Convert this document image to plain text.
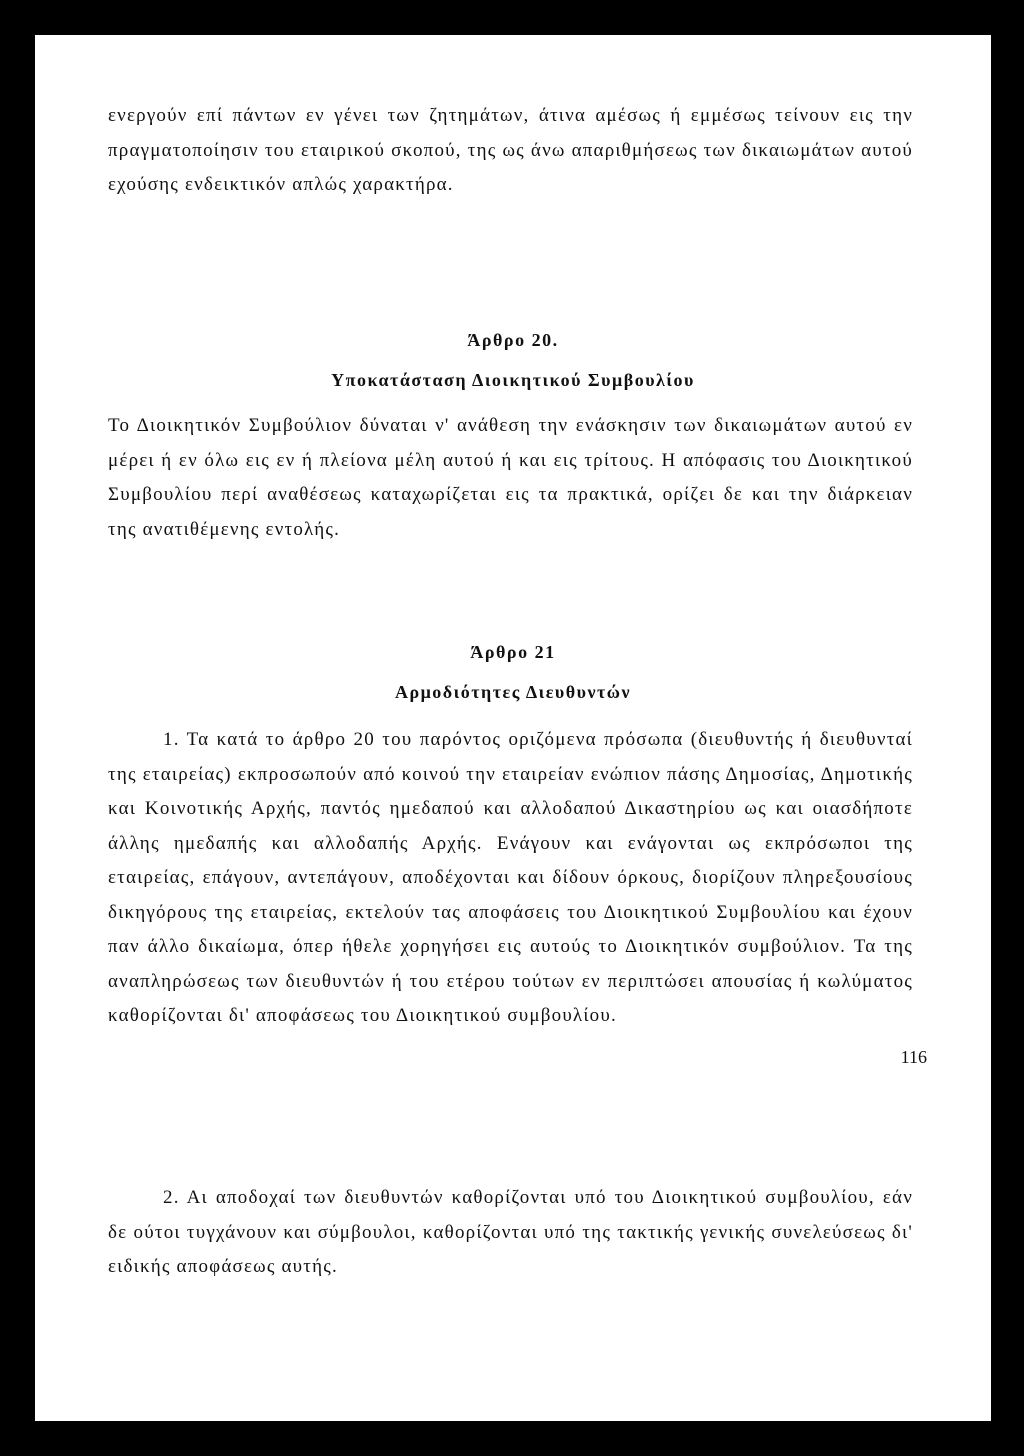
ενεργούν επί πάντων εν γένει των ζητημάτων, άτινα αμέσως ή εμμέσως τείνουν εις την πραγματοποίησιν του εταιρικού σκοπού, της ως άνω απαριθμήσεως των δικαιωμάτων αυτού εχούσης ενδεικτικόν απλώς χαρακτήρα.

Άρθρο 20.

Υποκατάσταση Διοικητικού Συμβουλίου

Το Διοικητικόν Συμβούλιον δύναται ν' ανάθεση την ενάσκησιν των δικαιωμάτων αυτού εν μέρει ή εν όλω εις εν ή πλείονα μέλη αυτού ή και εις τρίτους. Η απόφασις του Διοικητικού Συμβουλίου περί αναθέσεως καταχωρίζεται εις τα πρακτικά, ορίζει δε και την διάρκειαν της ανατιθέμενης εντολής.

Άρθρο 21

Αρμοδιότητες Διευθυντών

1. Τα κατά το άρθρο 20 του παρόντος οριζόμενα πρόσωπα (διευθυντής ή διευθυνταί της εταιρείας) εκπροσωπούν από κοινού την εταιρείαν ενώπιον πάσης Δημοσίας, Δημοτικής και Κοινοτικής Αρχής, παντός ημεδαπού και αλλοδαπού Δικαστηρίου ως και οιασδήποτε άλλης ημεδαπής και αλλοδαπής Αρχής. Ενάγουν και ενάγονται ως εκπρόσωποι της εταιρείας, επάγουν, αντεπάγουν, αποδέχονται και δίδουν όρκους, διορίζουν πληρεξουσίους δικηγόρους της εταιρείας, εκτελούν τας αποφάσεις του Διοικητικού Συμβουλίου και έχουν παν άλλο δικαίωμα, όπερ ήθελε χορηγήσει εις αυτούς το Διοικητικόν συμβούλιον. Τα της αναπληρώσεως των διευθυντών ή του ετέρου τούτων εν περιπτώσει απουσίας ή κωλύματος καθορίζονται δι' αποφάσεως του Διοικητικού συμβουλίου.

2. Αι αποδοχαί των διευθυντών καθορίζονται υπό του Διοικητικού συμβουλίου, εάν δε ούτοι τυγχάνουν και σύμβουλοι, καθορίζονται υπό της τακτικής γενικής συνελεύσεως δι' ειδικής αποφάσεως αυτής.

116
